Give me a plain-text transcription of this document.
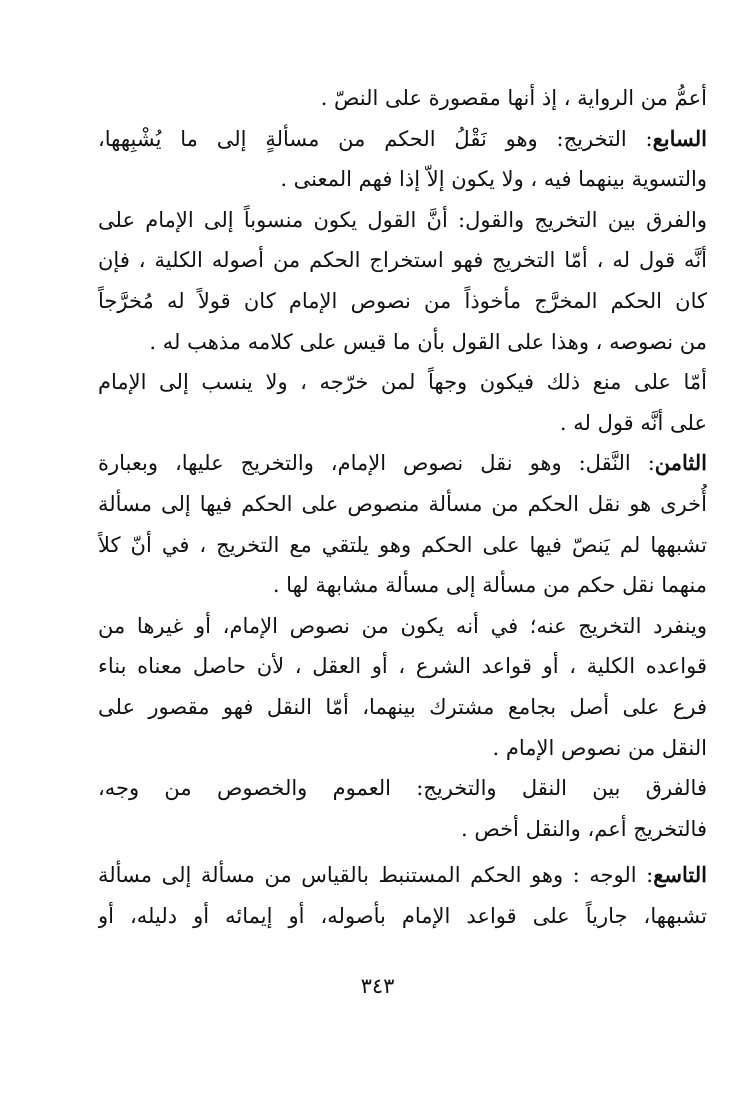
أعمُّ من الرواية ، إذ أنها مقصورة على النصّ .
السابع: التخريج: وهو نَقْلُ الحكم من مسألةٍ إلى ما يُشْبِهها،
والتسوية بينهما فيه ، ولا يكون إلاّ إذا فهم المعنى .
والفرق بين التخريج والقول: أنَّ القول يكون منسوباً إلى الإمام على
أنَّه قول له ، أمّا التخريج فهو استخراج الحكم من أصوله الكلية ، فإن
كان الحكم المخرَّج مأخوذاً من نصوص الإمام كان قولاً له مُخرَّجاً
من نصوصه ، وهذا على القول بأن ما قيس على كلامه مذهب له .
أمّا على منع ذلك فيكون وجهاً لمن خرّجه ، ولا ينسب إلى الإمام
على أنَّه قول له .
الثامن: النَّقل: وهو نقل نصوص الإمام، والتخريج عليها، وبعبارة
أُخرى هو نقل الحكم من مسألة منصوص على الحكم فيها إلى مسألة
تشبهها لم يَنصّ فيها على الحكم وهو يلتقي مع التخريج ، في أنّ كلاً
منهما نقل حكم من مسألة إلى مسألة مشابهة لها .
وينفرد التخريج عنه؛ في أنه يكون من نصوص الإمام، أو غيرها من
قواعده الكلية ، أو قواعد الشرع ، أو العقل ، لأن حاصل معناه بناء
فرع على أصل بجامع مشترك بينهما، أمّا النقل فهو مقصور على
النقل من نصوص الإمام .
فالفرق بين النقل والتخريج: العموم والخصوص من وجه،
فالتخريج أعم، والنقل أخص .
التاسع: الوجه : وهو الحكم المستنبط بالقياس من مسألة إلى مسألة
تشبهها، جارياً على قواعد الإمام بأصوله، أو إيمائه أو دليله، أو
٣٤٣
